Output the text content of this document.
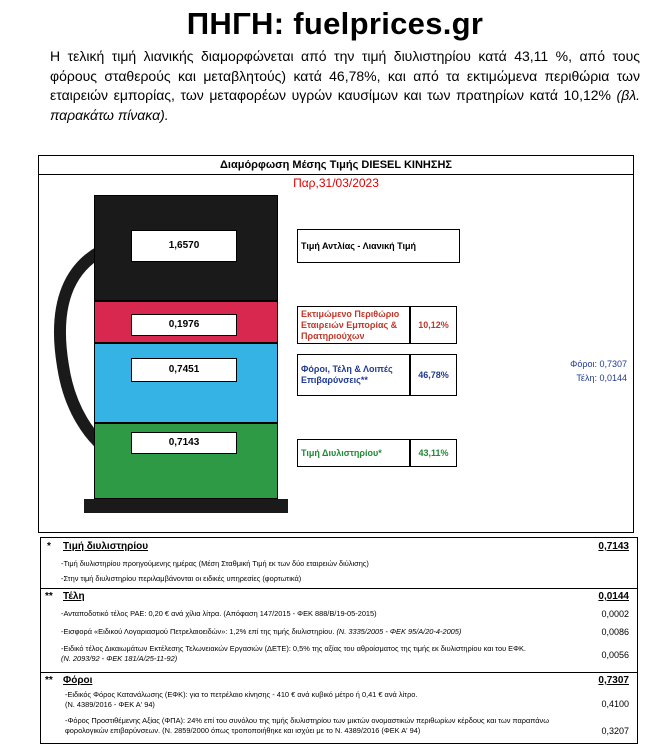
ΠΗΓΗ: fuelprices.gr
Η τελική τιμή λιανικής διαμορφώνεται από την τιμή διυλιστηρίου κατά 43,11 %, από τους φόρους σταθερούς και μεταβλητούς) κατά 46,78%, και από τα εκτιμώμενα περιθώρια των εταιρειών εμπορίας, των μεταφορέων υγρών καυσίμων και των πρατηρίων κατά 10,12% (βλ. παρακάτω πίνακα).
Διαμόρφωση Μέσης Τιμής DIESEL ΚΙΝΗΣΗΣ
Παρ,31/03/2023
1,6570
0,1976
0,7451
0,7143
Τιμή Αντλίας - Λιανική Τιμή
Εκτιμώμενο Περιθώριο Εταιρειών Εμπορίας & Πρατηριούχων
10,12%
Φόροι, Τέλη & Λοιπές Επιβαρύνσεις**	46,78%
Τιμή Διυλιστηρίου*	43,11%
Φόροι: 0,7307
Τέλη: 0,0144
* Τιμή διυλιστηρίου	0,7143
-Τιμή διυλιστηρίου προηγούμενης ημέρας (Μέση Σταθμική Τιμή εκ των δύο εταιρειών διύλισης)
-Στην τιμή διυλιστηρίου περιλαμβάνονται οι ειδικές υπηρεσίες (φορτωτικά)
** Τέλη	0,0144
-Ανταποδοτικό τέλος ΡΑΕ: 0,20 € ανά χίλια λίτρα. (Απόφαση 147/2015 - ΦΕΚ 888/Β/19-05-2015)	0,0002
-Εισφορά «Ειδικού Λογαριασμού Πετρελαιοειδών»: 1,2% επί της τιμής διυλιστηρίου. (Ν. 3335/2005 - ΦΕΚ 95/Α/20-4-2005)	0,0086
-Ειδικό τέλος Δικαιωμάτων Εκτέλεσης Τελωνειακών Εργασιών (ΔΕΤΕ): 0,5% της αξίας του αθροίσματος της τιμής εκ διυλιστηρίου και του ΕΦΚ.
(Ν. 2093/92 - ΦΕΚ 181/Α/25-11-92)	0,0056
** Φόροι	0,7307
-Ειδικός Φόρος Κατανάλωσης (ΕΦΚ): για το πετρέλαιο κίνησης - 410 € ανά κυβικό μέτρο ή 0,41 € ανά λίτρο.
(Ν. 4389/2016 - ΦΕΚ Α' 94)	0,4100
-Φόρος Προστιθέμενης Αξίας (ΦΠΑ): 24% επί του συνόλου της τιμής διυλιστηρίου των μικτών ονομαστικών περιθωρίων κέρδους και των παραπάνω φορολογικών επιβαρύνσεων. (Ν. 2859/2000 όπως τροποποιήθηκε και ισχύει με το Ν. 4389/2016 (ΦΕΚ Α' 94)	0,3207
